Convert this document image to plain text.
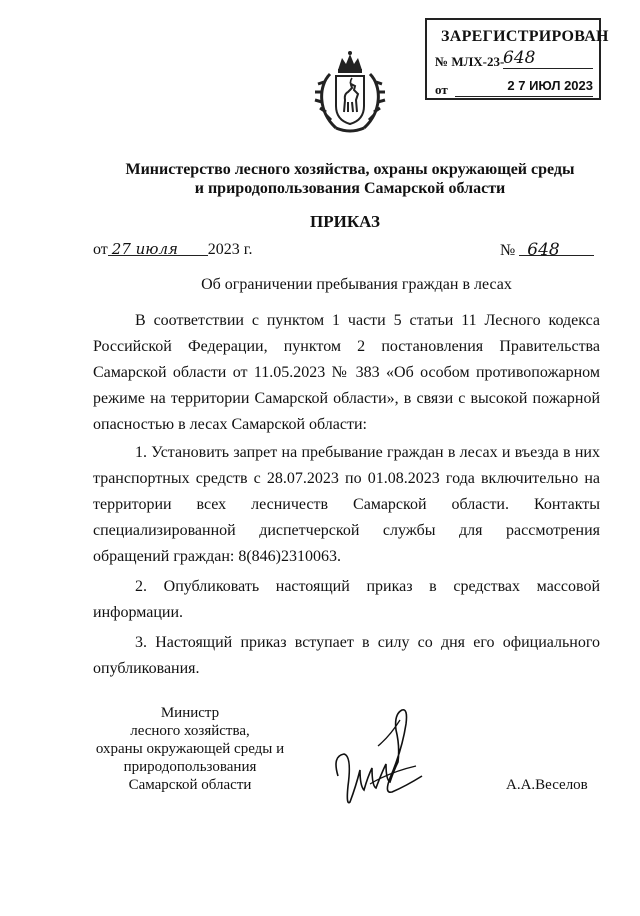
ЗАРЕГИСТРИРОВАН
№ МЛХ-23-
648
от	2 7 ИЮЛ 2023
Министерство лесного хозяйства, охраны окружающей среды
и природопользования Самарской области
ПРИКАЗ
от 27 июля 2023 г.	№ 648
Об ограничении пребывания граждан в лесах

В соответствии с пунктом 1 части 5 статьи 11 Лесного кодекса Российской Федерации, пунктом 2 постановления Правительства Самарской области от 11.05.2023 № 383 «Об особом противопожарном режиме на территории Самарской области», в связи с высокой пожарной опасностью в лесах Самарской области:

1. Установить запрет на пребывание граждан в лесах и въезда в них транспортных средств с 28.07.2023 по 01.08.2023 года включительно на территории всех лесничеств Самарской области. Контакты специализированной диспетчерской службы для рассмотрения обращений граждан: 8(846)2310063.

2. Опубликовать настоящий приказ в средствах массовой информации.

3. Настоящий приказ вступает в силу со дня его официального опубликования.

Министр
лесного хозяйства,
охраны окружающей среды и
природопользования
Самарской области	А.А.Веселов
